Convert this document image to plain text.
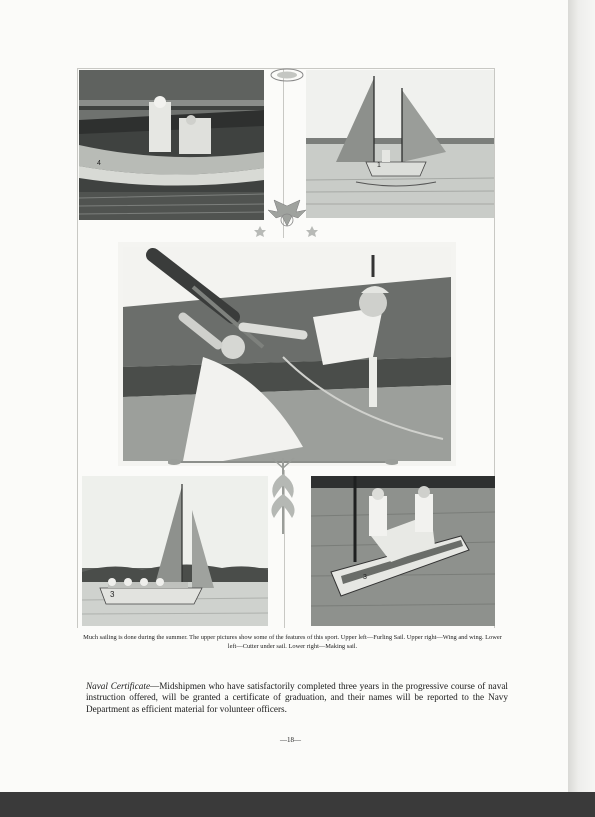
4	1
3
3
Much sailing is done during the summer. The upper pictures show some of the features of this sport. Upper left—Furling Sail. Upper right—Wing and wing. Lower left—Cutter under sail. Lower right—Making sail.
Naval Certificate—Midshipmen who have satisfactorily completed three years in the progressive course of naval instruction offered, will be granted a certificate of graduation, and their names will be reported to the Navy Department as efficient material for volunteer officers.
—18—
